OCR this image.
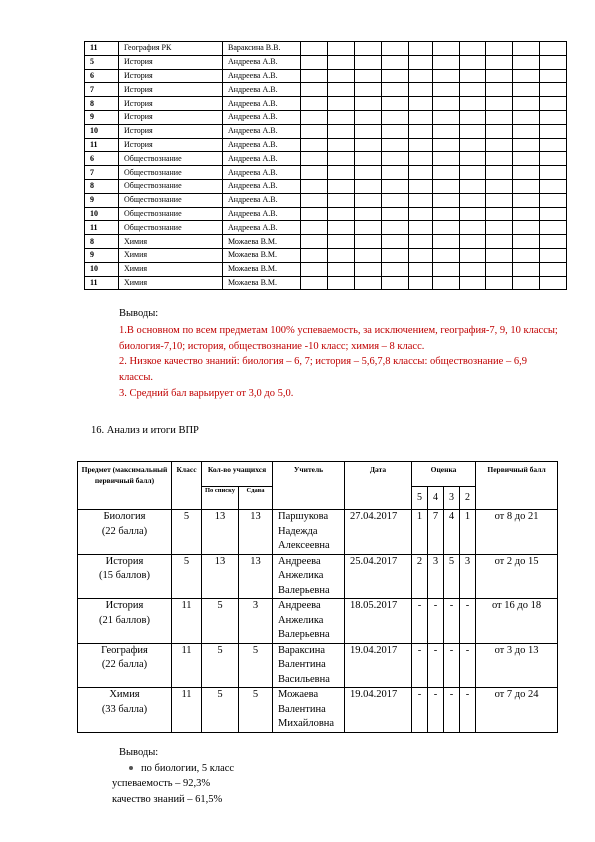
11	География РК	Вараксина В.В.										
5	История	Андреева А.В.										
6	История	Андреева А.В.										
7	История	Андреева А.В.										
8	История	Андреева А.В.										
9	История	Андреева А.В.										
10	История	Андреева А.В.										
11	История	Андреева А.В.										
6	Обществознание	Андреева А.В.										
7	Обществознание	Андреева А.В.										
8	Обществознание	Андреева А.В.										
9	Обществознание	Андреева А.В.										
10	Обществознание	Андреева А.В.										
11	Обществознание	Андреева А.В.										
8	Химия	Можаева В.М.										
9	Химия	Можаева В.М.										
10	Химия	Можаева В.М.										
11	Химия	Можаева В.М.										
Выводы:
1.В основном по всем предметам 100% успеваемость, за исключением, география-7, 9, 10 классы; биология-7,10; история, обществознание -10 класс; химия – 8 класс.
2. Низкое качество знаний: биология – 6, 7; история – 5,6,7,8 классы: обществознание – 6,9 классы.
3. Средний бал варьирует от 3,0 до 5,0.
16. Анализ и итоги ВПР
Предмет (максимальный первичный балл)	Класс	Кол-во учащихся		Учитель	Дата	Оценка				Первичный балл
		По списку	Сдава			5	4	3	2	

Биология
(22 балла)	5	13	13	Паршукова Надежда Алексеевна	27.04.2017	1	7	4	1	от 8 до 21

История
(15 баллов)	5	13	13	Андреева Анжелика Валерьевна	25.04.2017	2	3	5	3	от 2 до 15

История
(21 баллов)	11	5	3	Андреева Анжелика Валерьевна	18.05.2017	-	-	-	-	от 16 до 18

География
(22 балла)	11	5	5	Вараксина Валентина Васильевна	19.04.2017	-	-	-	-	от 3 до 13

Химия
(33 балла)	11	5	5	Можаева Валентина Михайловна	19.04.2017	-	-	-	-	от 7 до 24
Выводы:
по биологии, 5 класс
успеваемость – 92,3%
качество знаний – 61,5%
